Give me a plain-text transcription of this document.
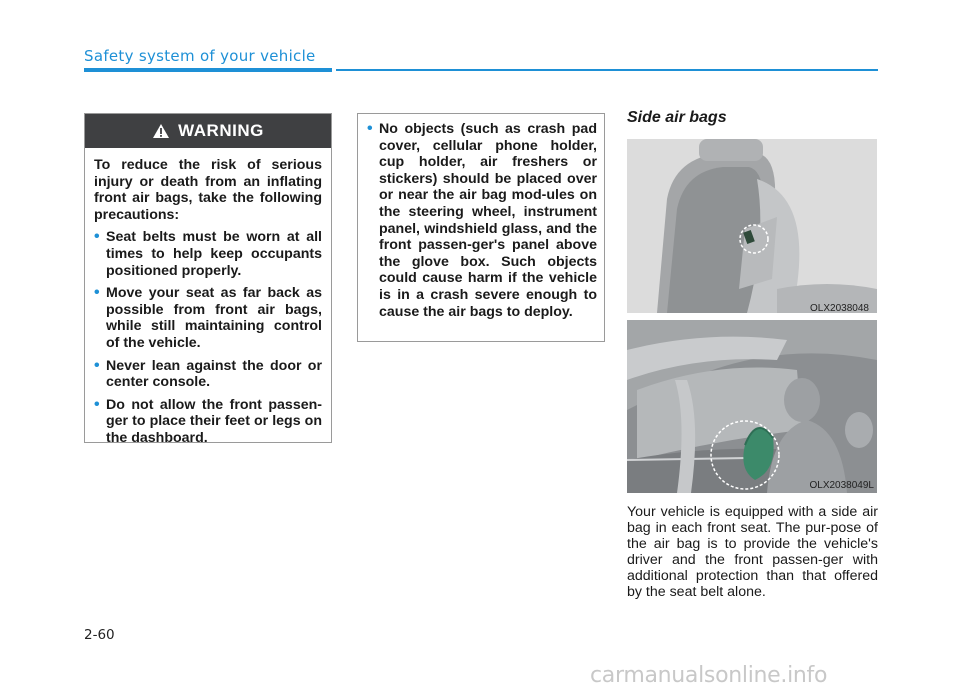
Safety system of your vehicle
WARNING

To reduce the risk of serious injury or death from an inflating front air bags, take the following precautions:

• Seat belts must be worn at all times to help keep occupants positioned properly.
• Move your seat as far back as possible from front air bags, while still maintaining control of the vehicle.
• Never lean against the door or center console.
• Do not allow the front passen-ger to place their feet or legs on the dashboard.
• No objects (such as crash pad cover, cellular phone holder, cup holder, air freshers or stickers) should be placed over or near the air bag mod-ules on the steering wheel, instrument panel, windshield glass, and the front passen-ger's panel above the glove box. Such objects could cause harm if the vehicle is in a crash severe enough to cause the air bags to deploy.
Side air bags
OLX2038048
OLX2038049L

Your vehicle is equipped with a side air bag in each front seat. The pur-pose of the air bag is to provide the vehicle's driver and the front passen-ger with additional protection than that offered by the seat belt alone.

2-60
carmanualsonline.info
